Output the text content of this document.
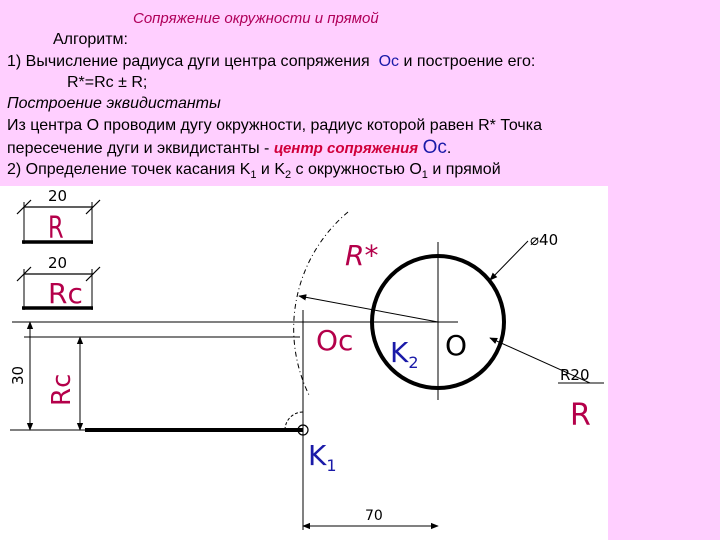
Сопряжение окружности и прямой
Алгоритм:
1) Вычисление радиуса дуги центра сопряжения Ос и построение его:
R*=Rc ± R;
Построение эквидистанты
Из центра О проводим дугу окружности, радиус которой равен R* Точка
пересечение дуги и эквидистанты - центр сопряжения Ос.
2) Определение точек касания $K_1$ и $K_2$ с окружностью $O_1$ и прямой
20
R
20
Rc
30 Rc
70
R*	⌀40
Oc $K_2$
O
$K_1$
R20
R
